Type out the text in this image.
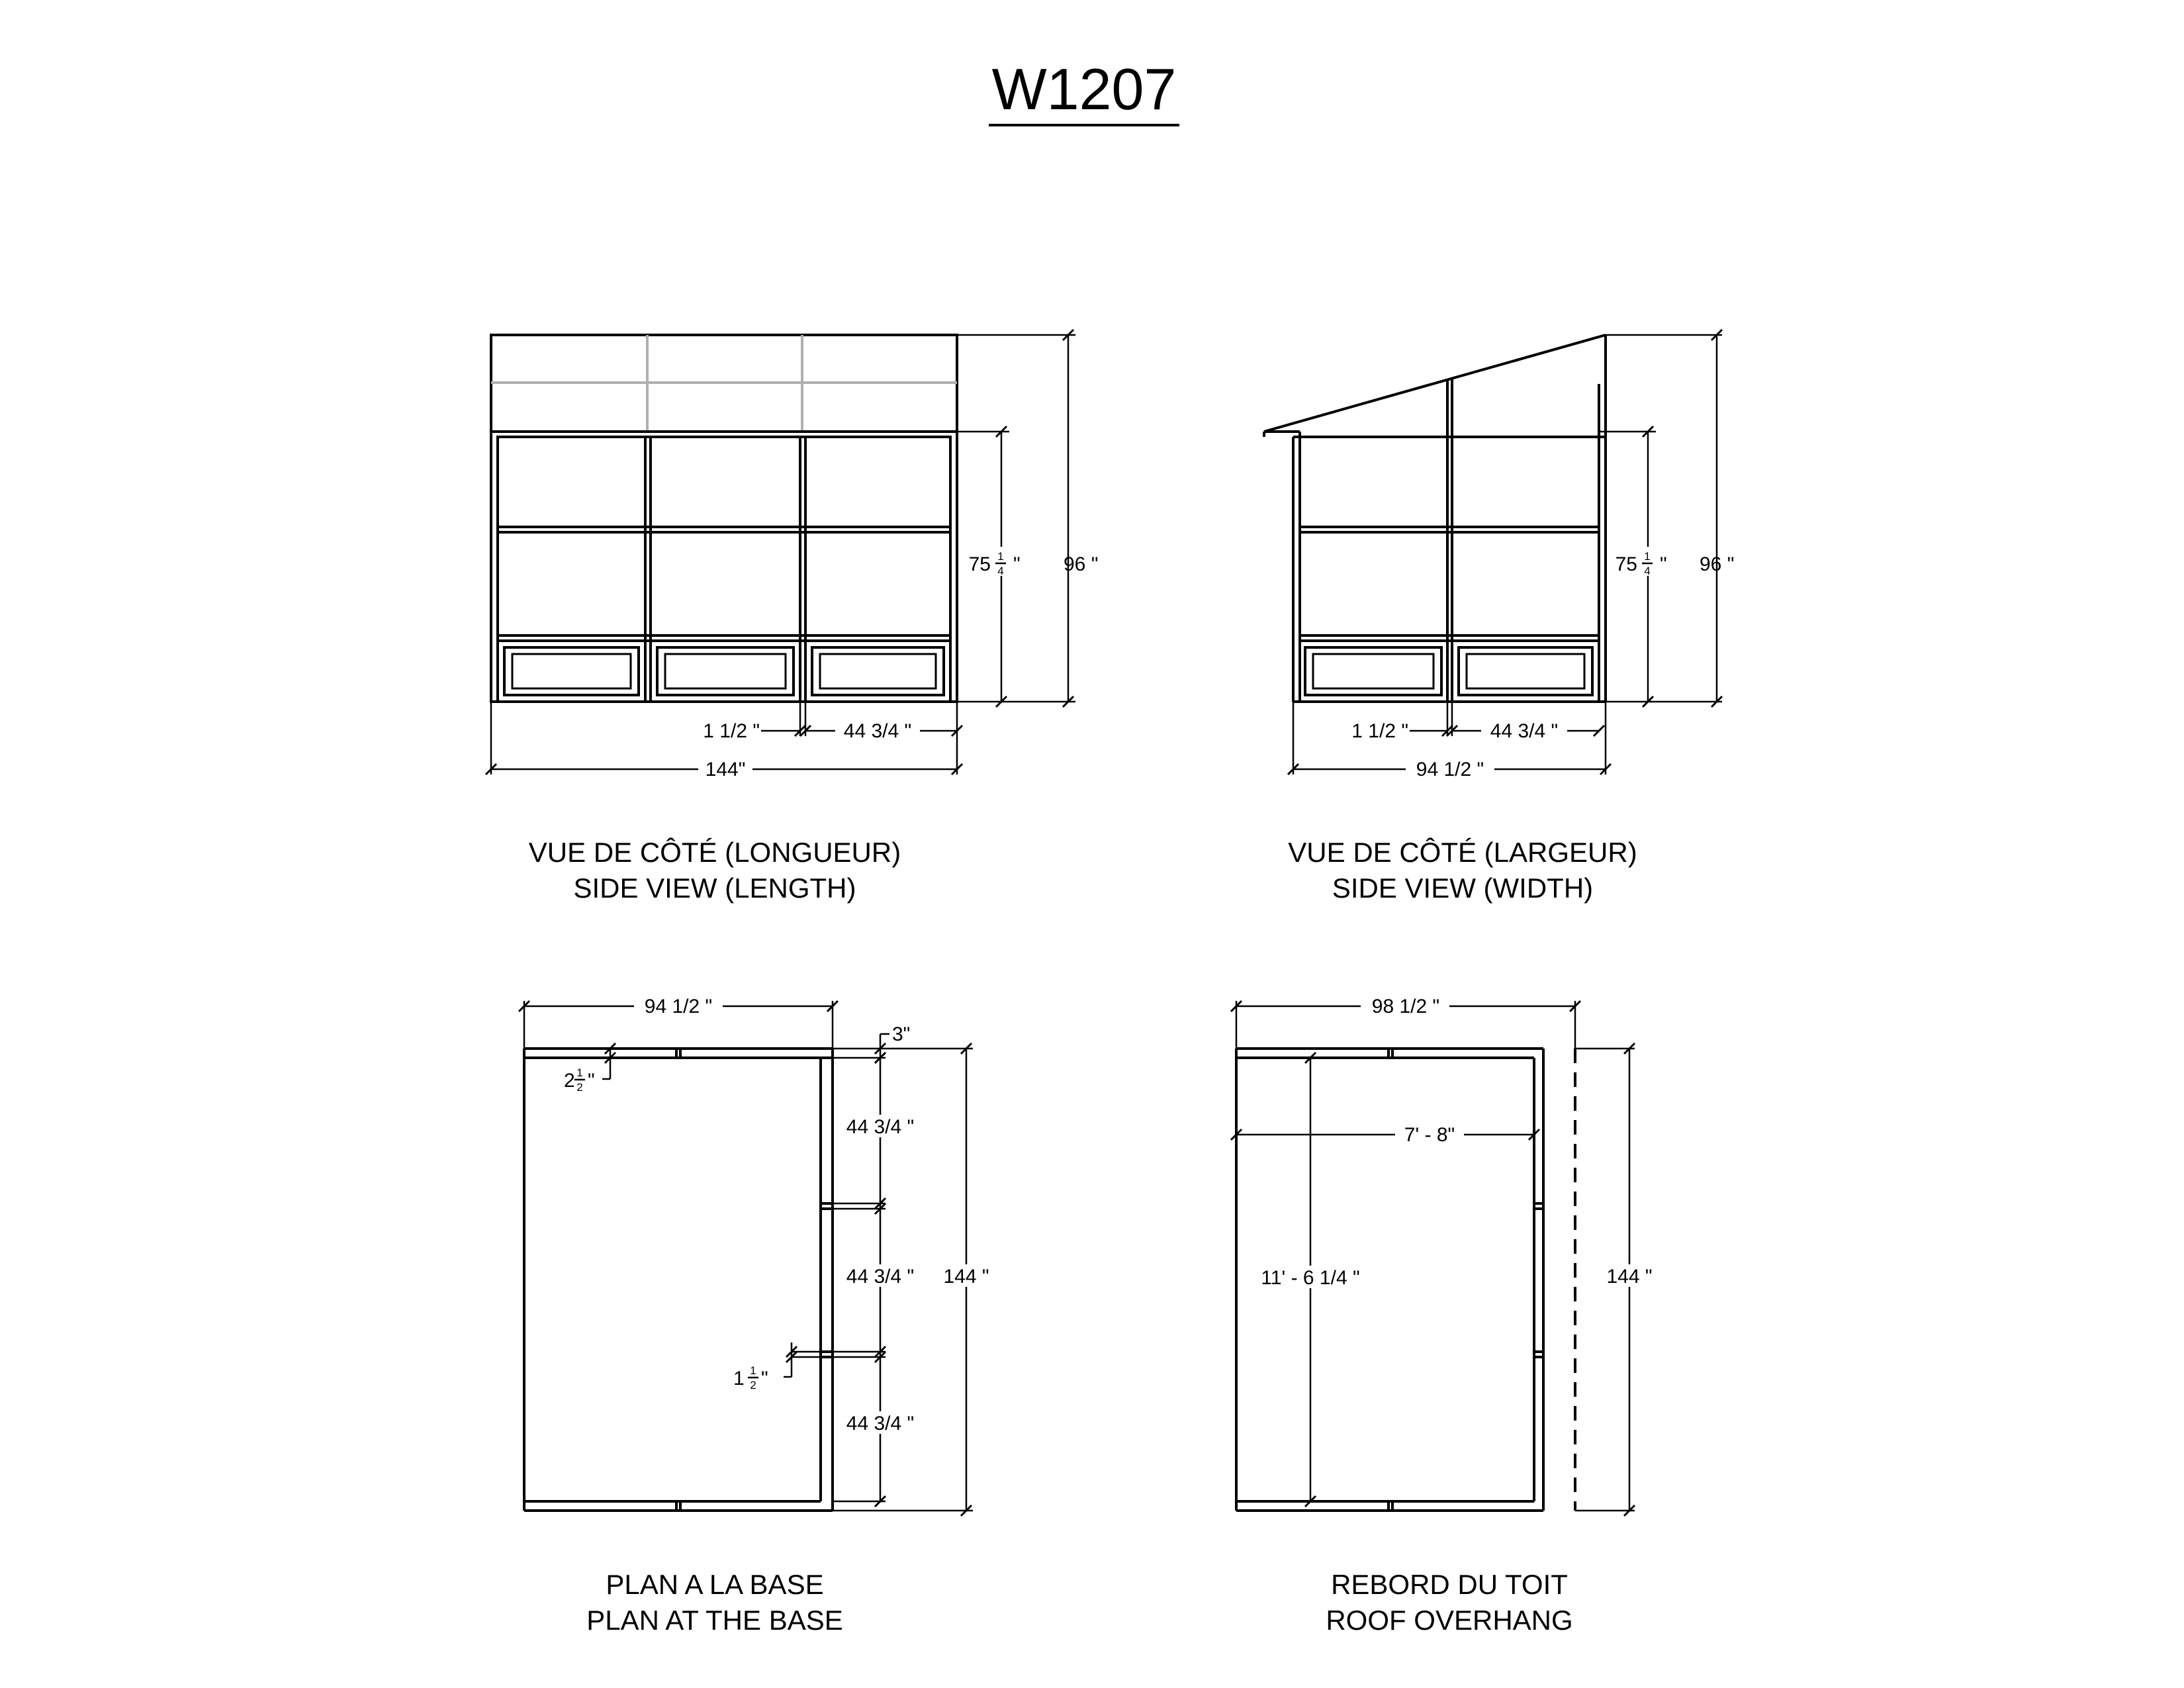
W1207
1 1/2 "	44 3/4 "
144"
75 1
4 " 96 "
VUE DE CÔTÉ (LONGUEUR)
SIDE VIEW (LENGTH)
1 1/2 "	44 3/4 "
94 1/2 "
75 1
4 " 96 "
VUE DE CÔTÉ (LARGEUR)
SIDE VIEW (WIDTH)
94 1/2 "
3"
2 1
2 "
44 3/4 "
44 3/4 "
44 3/4 "
1 1
2 "
144 "
PLAN A LA BASE
PLAN AT THE BASE
98 1/2 "
7' - 8"
11' - 6 1/4 "	144 "
REBORD DU TOIT
ROOF OVERHANG
